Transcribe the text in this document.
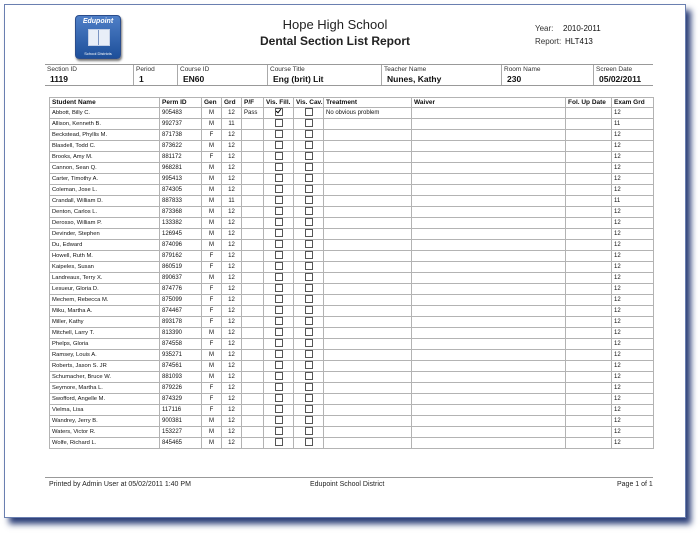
Edupoint
School Districts
Hope High School
Dental Section List Report
Year: 2010-2011
Report: HLT413
Section ID
1119
Period
1
Course ID
EN60
Course Title
Eng (brit) Lit
Teacher Name
Nunes, Kathy
Room Name
230
Screen Date
05/02/2011
Student Name	Perm ID	Gen	Grd	P/F	Vis. Fill.	Vis. Cav.	Treatment	Waiver	Fol. Up Date	Exam Grd
Abbott, Billy C.	905483	M	12	Pass			No obvious problem			12
Allison, Kenneth B.	992737	M	11							11
Beckstead, Phyllis M.	871738	F	12							12
Blasdell, Todd C.	873622	M	12							12
Brooks, Amy M.	881172	F	12							12
Cannon, Sean Q.	968281	M	12							12
Carter, Timothy A.	995413	M	12							12
Coleman, Jose L.	874305	M	12							12
Crandall, William D.	887833	M	11							11
Denton, Carlos L.	873368	M	12							12
Derosso, William P.	133382	M	12							12
Devinder, Stephen	126945	M	12							12
Du, Edward	874096	M	12							12
Howell, Ruth M.	879162	F	12							12
Kaipeles, Susan	860519	F	12							12
Landreaux, Terry X.	890637	M	12							12
Lesueur, Gloria D.	874776	F	12							12
Mechem, Rebecca M.	875099	F	12							12
Miku, Martha A.	874467	F	12							12
Miller, Kathy	893178	F	12							12
Mitchell, Larry T.	813390	M	12							12
Phelps, Gloria	874558	F	12							12
Ramsey, Louis A.	935271	M	12							12
Roberts, Jason S. JR	874561	M	12							12
Schumacher, Bruce W.	881093	M	12							12
Seymore, Martha L.	879226	F	12							12
Swofford, Angelle M.	874329	F	12							12
Vielma, Lisa	117116	F	12							12
Wandrey, Jerry B.	900381	M	12							12
Waters, Victor R.	153227	M	12							12
Wolfe, Richard L.	845465	M	12							12
Printed by Admin User at 05/02/2011 1:40 PM	Edupoint School District	Page 1 of 1
